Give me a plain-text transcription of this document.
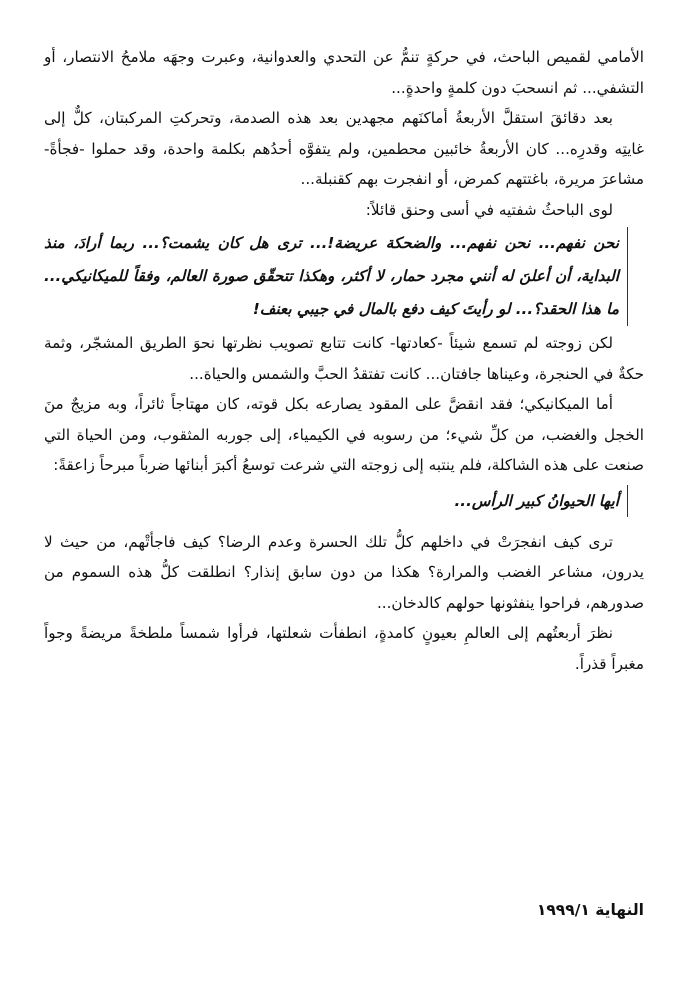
الأمامي لقميص الباحث، في حركةٍ تنمُّ عن التحدي والعدوانية، وعبرت وجهَه ملامحُ الانتصار، أو التشفي... ثم انسحبَ دون كلمةٍ واحدةٍ...

بعد دقائقَ استقلَّ الأربعةُ أماكنَهم مجهدين بعد هذه الصدمة، وتحركتِ المركبتان، كلٌّ إلى غايتِه وقدرِه... كان الأربعةُ خائبين محطمين، ولم يتفوَّه أحدُهم بكلمة واحدة، وقد حملوا -فجأةً- مشاعرَ مريرة، باغتتهم كمرض، أو انفجرت بهم كقنبلة...

لوى الباحثُ شفتيه في أسى وحنق قائلاً:

نحن نفهم... نحن نفهم... والضحكة عريضة!... ترى هل كان يشمت؟... ربما أرادَ، منذ البداية، أن أعلنَ له أنني مجرد حمار، لا أكثر، وهكذا تتحقّق صورة العالم، وفقاً للميكانيكي... ما هذا الحقد؟... لو رأيتَ كيف دفع بالمال في جيبي بعنف!

لكن زوجته لم تسمع شيئاً -كعادتها- كانت تتابع تصويب نظرتها نحوَ الطريق المشجّر، وثمة حكةٌ في الحنجرة، وعيناها جافتان... كانت تفتقدُ الحبَّ والشمس والحياة...

أما الميكانيكي؛ فقد انقضَّ على المقود يصارعه بكل قوته، كان مهتاجاً ثائراً، وبه مزيجٌ منَ الخجل والغضب، من كلِّ شيء؛ من رسوبه في الكيمياء، إلى جوربه المثقوب، ومن الحياة التي صنعت على هذه الشاكلة، فلم ينتبه إلى زوجته التي شرعت توسعُ أكبرَ أبنائها ضرباً مبرحاً زاعقةً:

أيها الحيوانُ كبير الرأس...

ترى كيف انفجرَتْ في داخلهم كلُّ تلك الحسرة وعدم الرضا؟ كيف فاجأتْهم، من حيث لا يدرون، مشاعر الغضب والمرارة؟ هكذا من دون سابق إنذار؟ انطلقت كلُّ هذه السموم من صدورهم، فراحوا ينفثونها حولهم كالدخان...

نظرَ أربعتُهم إلى العالمِ بعيونٍ كامدةٍ، انطفأت شعلتها، فرأوا شمساً ملطخةً مريضةً وجواً مغبراً قذراً.

النهاية ١٩٩٩/١
